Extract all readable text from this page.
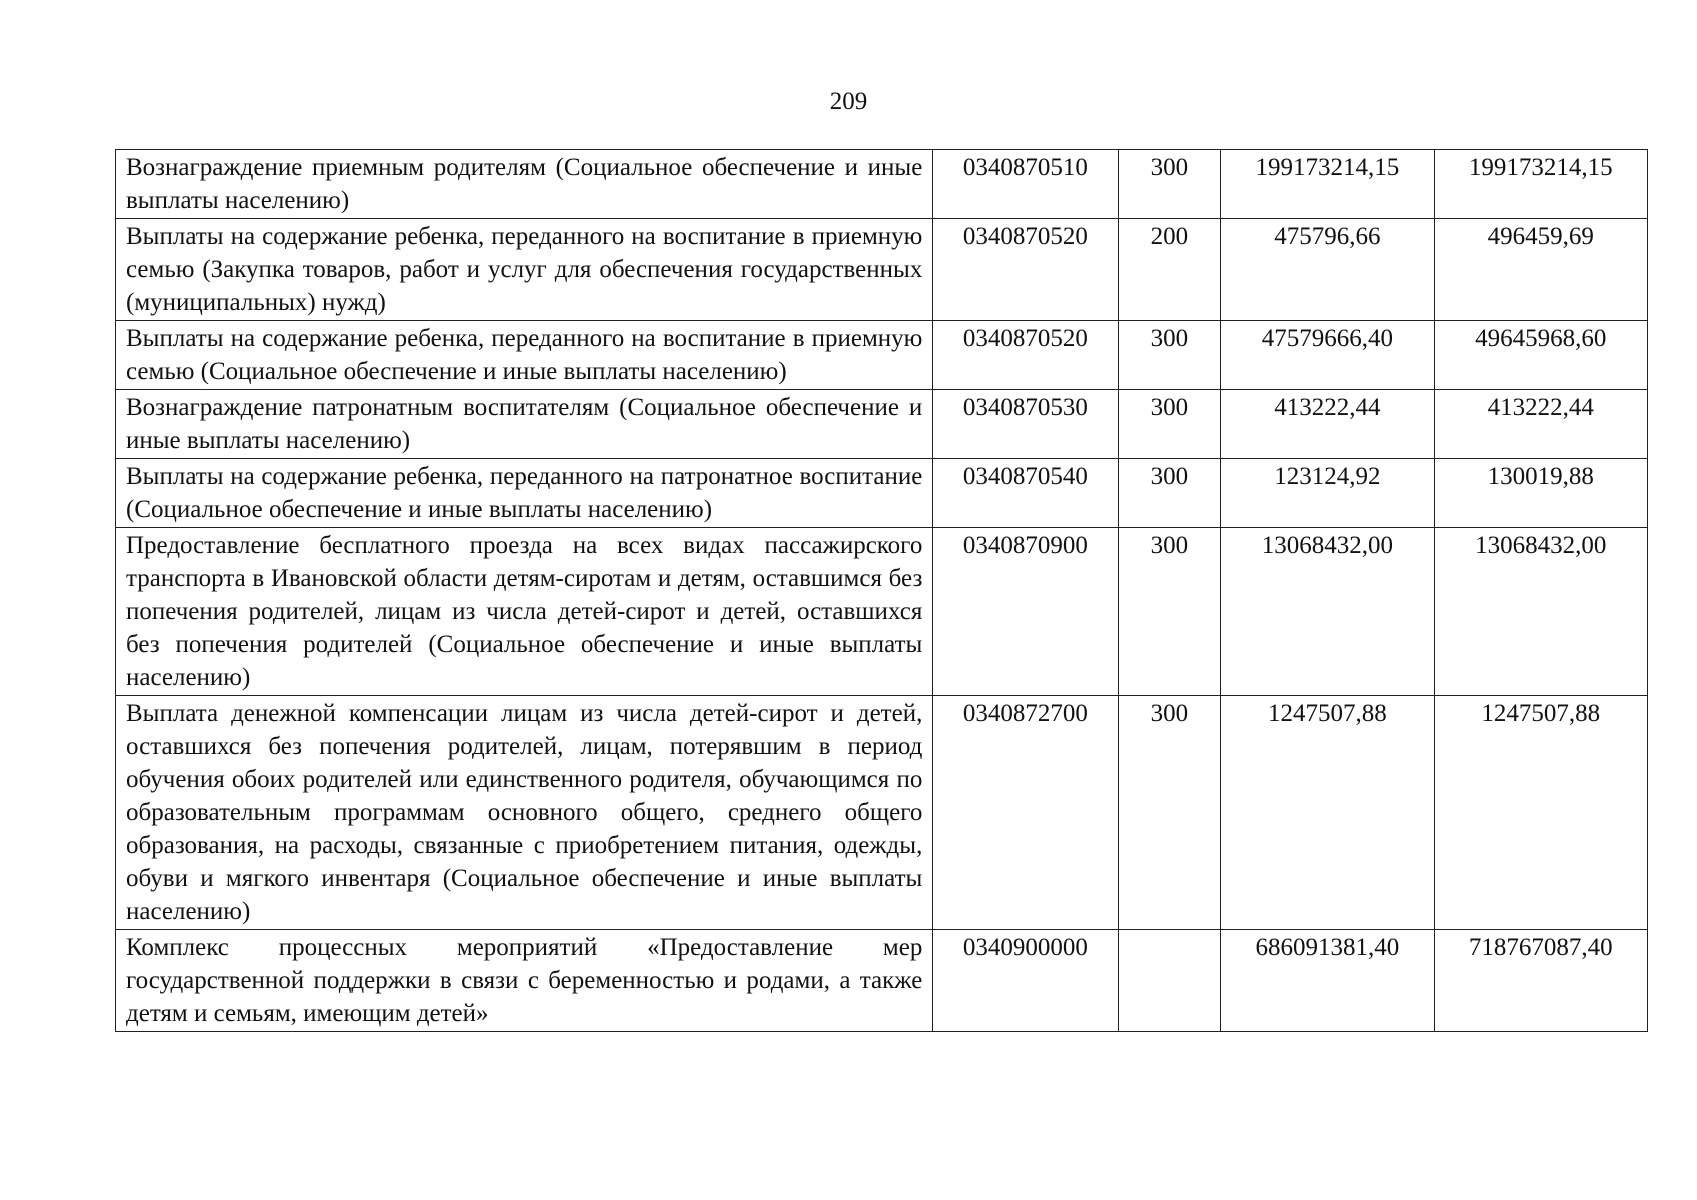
209
Вознаграждение приемным родителям (Социальное обеспечение и иные выплаты населению)	0340870510	300	199173214,15	199173214,15
Выплаты на содержание ребенка, переданного на воспитание в приемную семью (Закупка товаров, работ и услуг для обеспечения государственных (муниципальных) нужд)	0340870520	200	475796,66	496459,69
Выплаты на содержание ребенка, переданного на воспитание в приемную семью (Социальное обеспечение и иные выплаты населению)	0340870520	300	47579666,40	49645968,60
Вознаграждение патронатным воспитателям (Социальное обеспечение и иные выплаты населению)	0340870530	300	413222,44	413222,44
Выплаты на содержание ребенка, переданного на патронатное воспитание (Социальное обеспечение и иные выплаты населению)	0340870540	300	123124,92	130019,88
Предоставление бесплатного проезда на всех видах пассажирского транспорта в Ивановской области детям-сиротам и детям, оставшимся без попечения родителей, лицам из числа детей-сирот и детей, оставшихся без попечения родителей (Социальное обеспечение и иные выплаты населению)	0340870900	300	13068432,00	13068432,00
Выплата денежной компенсации лицам из числа детей-сирот и детей, оставшихся без попечения родителей, лицам, потерявшим в период обучения обоих родителей или единственного родителя, обучающимся по образовательным программам основного общего, среднего общего образования, на расходы, связанные с приобретением питания, одежды, обуви и мягкого инвентаря (Социальное обеспечение и иные выплаты населению)	0340872700	300	1247507,88	1247507,88
Комплекс процессных мероприятий «Предоставление мер государственной поддержки в связи с беременностью и родами, а также детям и семьям, имеющим детей»	0340900000		686091381,40	718767087,40
